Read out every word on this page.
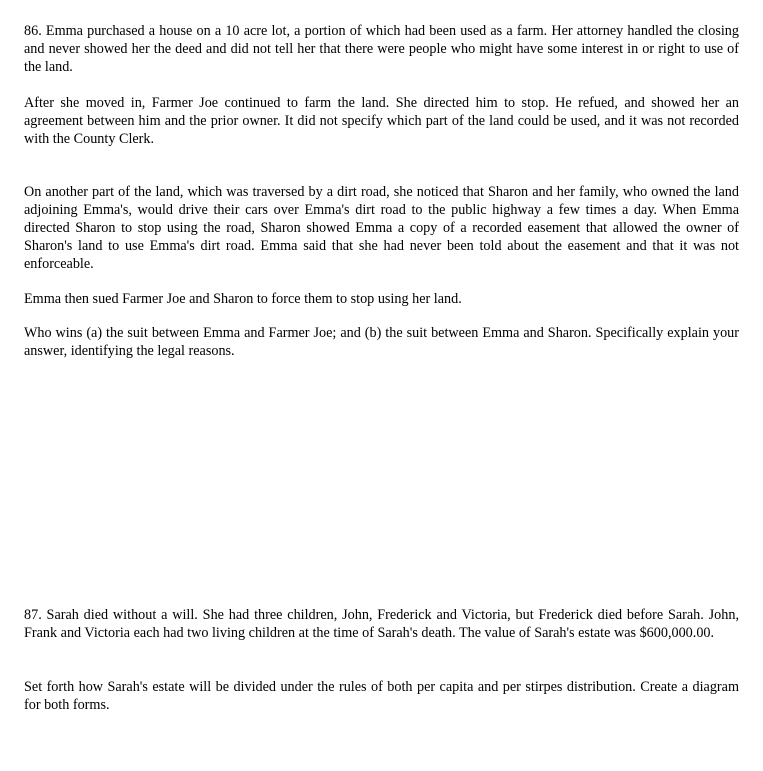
86. Emma purchased a house on a 10 acre lot, a portion of which had been used as a farm. Her attorney handled the closing and never showed her the deed and did not tell her that there were people who might have some interest in or right to use of the land.

After she moved in, Farmer Joe continued to farm the land. She directed him to stop. He refued, and showed her an agreement between him and the prior owner. It did not specify which part of the land could be used, and it was not recorded with the County Clerk.

On another part of the land, which was traversed by a dirt road, she noticed that Sharon and her family, who owned the land adjoining Emma's, would drive their cars over Emma's dirt road to the public highway a few times a day. When Emma directed Sharon to stop using the road, Sharon showed Emma a copy of a recorded easement that allowed the owner of Sharon's land to use Emma's dirt road. Emma said that she had never been told about the easement and that it was not enforceable.

Emma then sued Farmer Joe and Sharon to force them to stop using her land.

Who wins (a) the suit between Emma and Farmer Joe; and (b) the suit between Emma and Sharon. Specifically explain your answer, identifying the legal reasons.

87. Sarah died without a will. She had three children, John, Frederick and Victoria, but Frederick died before Sarah. John, Frank and Victoria each had two living children at the time of Sarah's death. The value of Sarah's estate was $600,000.00.

Set forth how Sarah's estate will be divided under the rules of both per capita and per stirpes distribution. Create a diagram for both forms.
